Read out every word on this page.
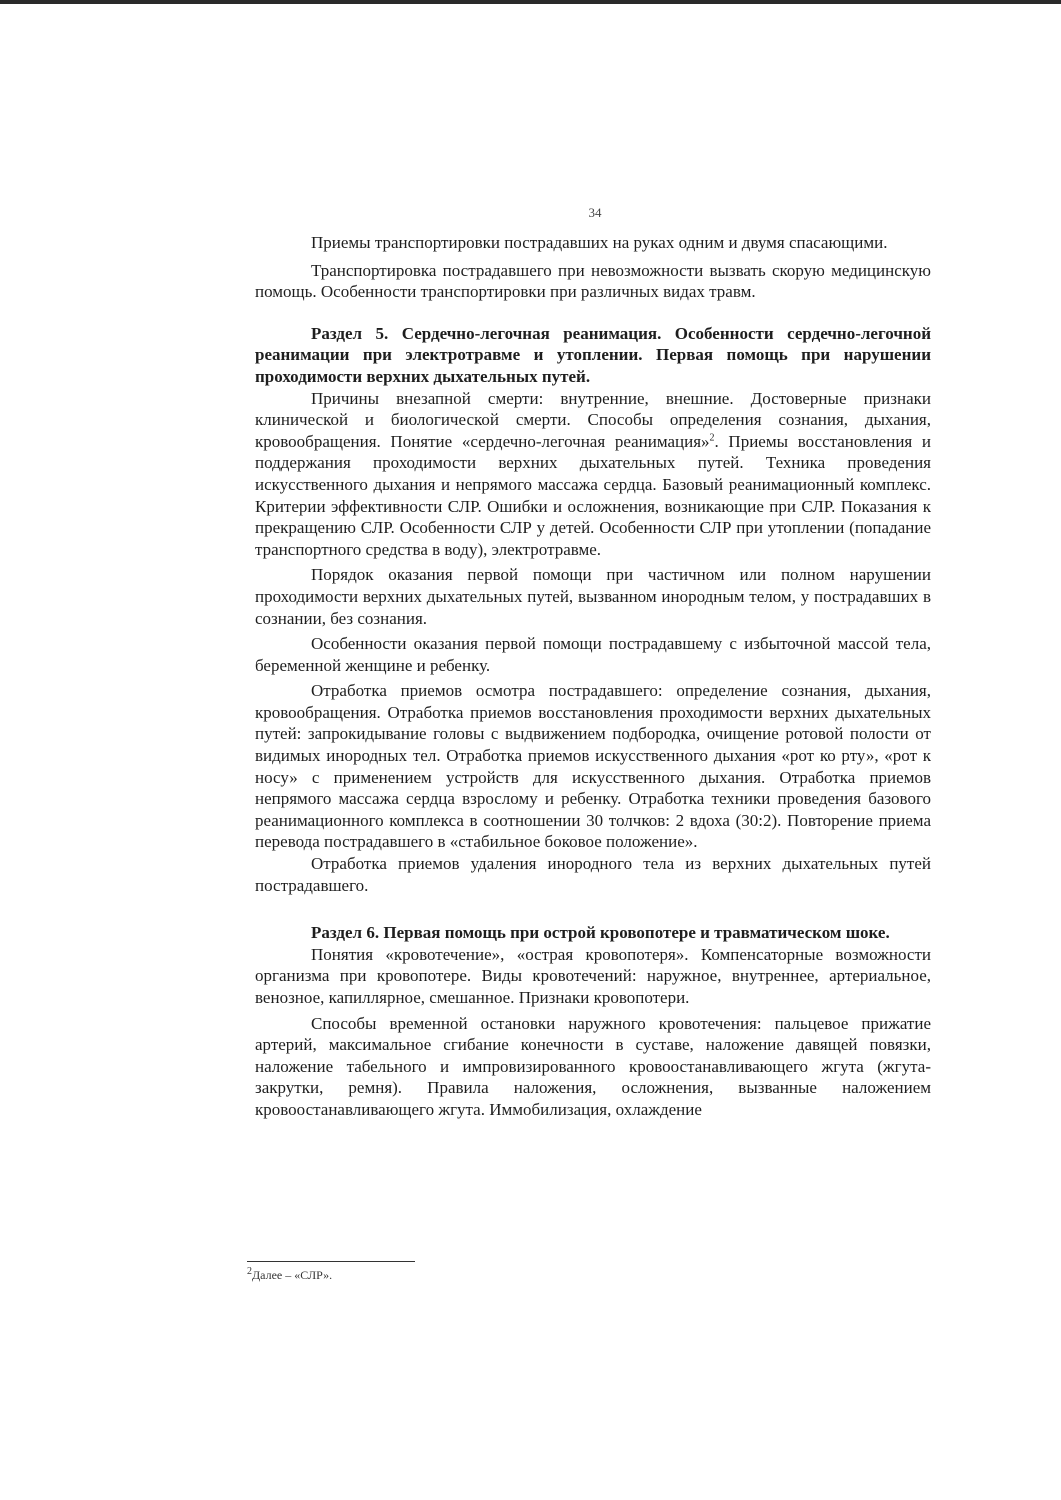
34

Приемы транспортировки пострадавших на руках одним и двумя спасающими.

Транспортировка пострадавшего при невозможности вызвать скорую медицинскую помощь. Особенности транспортировки при различных видах травм.

Раздел 5. Сердечно-легочная реанимация. Особенности сердечно-легочной реанимации при электротравме и утоплении. Первая помощь при нарушении проходимости верхних дыхательных путей.

Причины внезапной смерти: внутренние, внешние. Достоверные признаки клинической и биологической смерти. Способы определения сознания, дыхания, кровообращения. Понятие «сердечно-легочная реанимация»$^2$. Приемы восстановления и поддержания проходимости верхних дыхательных путей. Техника проведения искусственного дыхания и непрямого массажа сердца. Базовый реанимационный комплекс. Критерии эффективности СЛР. Ошибки и осложнения, возникающие при СЛР. Показания к прекращению СЛР. Особенности СЛР у детей. Особенности СЛР при утоплении (попадание транспортного средства в воду), электротравме.

Порядок оказания первой помощи при частичном или полном нарушении проходимости верхних дыхательных путей, вызванном инородным телом, у пострадавших в сознании, без сознания.

Особенности оказания первой помощи пострадавшему с избыточной массой тела, беременной женщине и ребенку.

Отработка приемов осмотра пострадавшего: определение сознания, дыхания, кровообращения. Отработка приемов восстановления проходимости верхних дыхательных путей: запрокидывание головы с выдвижением подбородка, очищение ротовой полости от видимых инородных тел. Отработка приемов искусственного дыхания «рот ко рту», «рот к носу» с применением устройств для искусственного дыхания. Отработка приемов непрямого массажа сердца взрослому и ребенку. Отработка техники проведения базового реанимационного комплекса в соотношении 30 толчков: 2 вдоха (30:2). Повторение приема перевода пострадавшего в «стабильное боковое положение».

Отработка приемов удаления инородного тела из верхних дыхательных путей пострадавшего.

Раздел 6. Первая помощь при острой кровопотере и травматическом шоке.

Понятия «кровотечение», «острая кровопотеря». Компенсаторные возможности организма при кровопотере. Виды кровотечений: наружное, внутреннее, артериальное, венозное, капиллярное, смешанное. Признаки кровопотери.

Способы временной остановки наружного кровотечения: пальцевое прижатие артерий, максимальное сгибание конечности в суставе, наложение давящей повязки, наложение табельного и импровизированного кровоостанавливающего жгута (жгута-закрутки, ремня). Правила наложения, осложнения, вызванные наложением кровоостанавливающего жгута. Иммобилизация, охлаждение

$^2$Далее – «СЛР».
